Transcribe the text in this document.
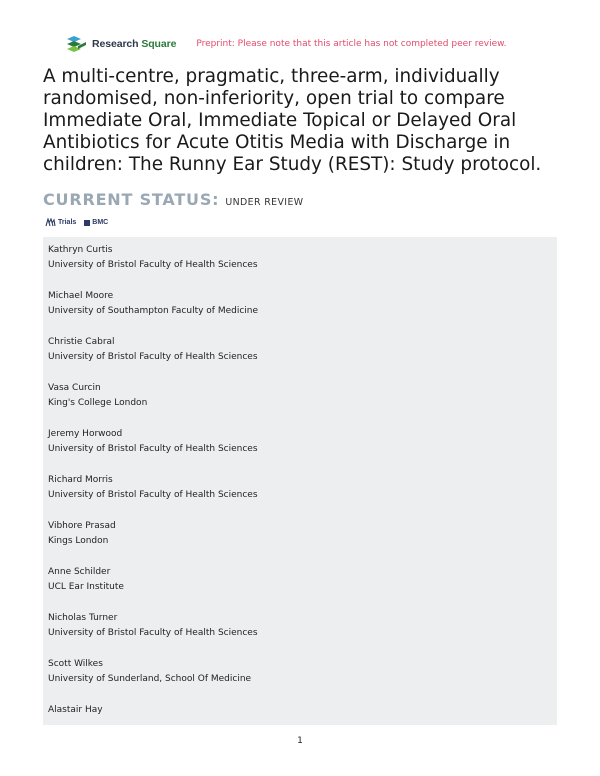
Research Square Preprint: Please note that this article has not completed peer review.
A multi-centre, pragmatic, three-arm, individually randomised, non-inferiority, open trial to compare Immediate Oral, Immediate Topical or Delayed Oral Antibiotics for Acute Otitis Media with Discharge in children: The Runny Ear Study (REST): Study protocol.
CURRENT STATUS: UNDER REVIEW
Trials BMC
Kathryn Curtis
University of Bristol Faculty of Health Sciences
Michael Moore
University of Southampton Faculty of Medicine
Christie Cabral
University of Bristol Faculty of Health Sciences
Vasa Curcin
King's College London
Jeremy Horwood
University of Bristol Faculty of Health Sciences
Richard Morris
University of Bristol Faculty of Health Sciences
Vibhore Prasad
Kings London
Anne Schilder
UCL Ear Institute
Nicholas Turner
University of Bristol Faculty of Health Sciences
Scott Wilkes
University of Sunderland, School Of Medicine
Alastair Hay
1
